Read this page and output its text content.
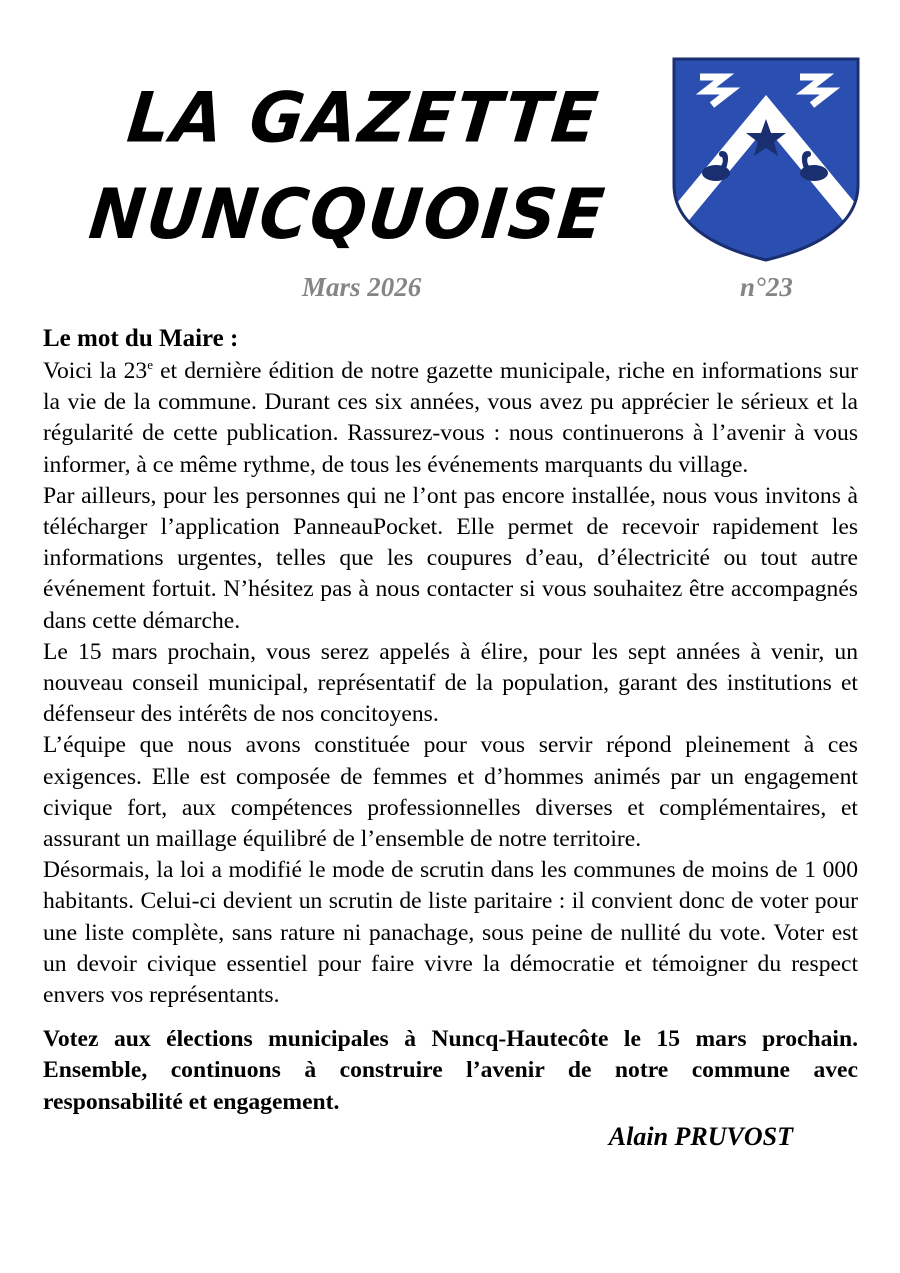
LA GAZETTE
NUNCQUOISE
Mars 2026	n°23

Le mot du Maire :

Voici la 23e et dernière édition de notre gazette municipale, riche en informations sur la vie de la commune. Durant ces six années, vous avez pu apprécier le sérieux et la régularité de cette publication. Rassurez-vous : nous continuerons à l’avenir à vous informer, à ce même rythme, de tous les événements marquants du village.

Par ailleurs, pour les personnes qui ne l’ont pas encore installée, nous vous invitons à télécharger l’application PanneauPocket. Elle permet de recevoir rapidement les informations urgentes, telles que les coupures d’eau, d’électricité ou tout autre événement fortuit. N’hésitez pas à nous contacter si vous souhaitez être accompagnés dans cette démarche.

Le 15 mars prochain, vous serez appelés à élire, pour les sept années à venir, un nouveau conseil municipal, représentatif de la population, garant des institutions et défenseur des intérêts de nos concitoyens.

L’équipe que nous avons constituée pour vous servir répond pleinement à ces exigences. Elle est composée de femmes et d’hommes animés par un engagement civique fort, aux compétences professionnelles diverses et complémentaires, et assurant un maillage équilibré de l’ensemble de notre territoire.

Désormais, la loi a modifié le mode de scrutin dans les communes de moins de 1 000 habitants. Celui-ci devient un scrutin de liste paritaire : il convient donc de voter pour une liste complète, sans rature ni panachage, sous peine de nullité du vote. Voter est un devoir civique essentiel pour faire vivre la démocratie et témoigner du respect envers vos représentants.

Votez aux élections municipales à Nuncq-Hautecôte le 15 mars prochain. Ensemble, continuons à construire l’avenir de notre commune avec responsabilité et engagement.

Alain PRUVOST
